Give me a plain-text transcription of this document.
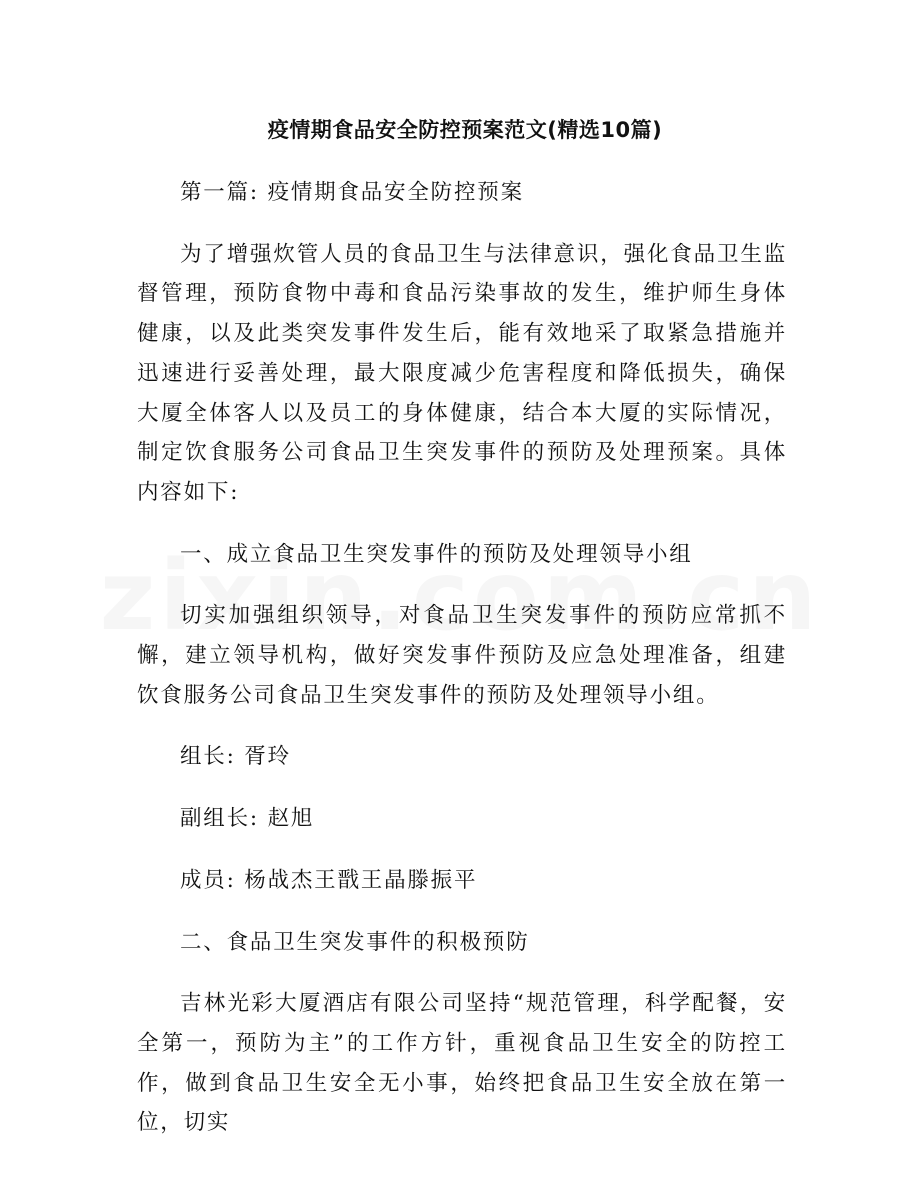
疫情期食品安全防控预案范文(精选10篇)

第一篇: 疫情期食品安全防控预案

为了增强炊管人员的食品卫生与法律意识，强化食品卫生监督管理，预防食物中毒和食品污染事故的发生，维护师生身体健康，以及此类突发事件发生后，能有效地采了取紧急措施并迅速进行妥善处理，最大限度减少危害程度和降低损失，确保大厦全体客人以及员工的身体健康，结合本大厦的实际情况，制定饮食服务公司食品卫生突发事件的预防及处理预案。具体内容如下:

一、成立食品卫生突发事件的预防及处理领导小组

切实加强组织领导，对食品卫生突发事件的预防应常抓不懈，建立领导机构，做好突发事件预防及应急处理准备，组建饮食服务公司食品卫生突发事件的预防及处理领导小组。

组长: 胥玲

副组长: 赵旭

成员: 杨战杰王戬王晶滕振平

二、食品卫生突发事件的积极预防

吉林光彩大厦酒店有限公司坚持“规范管理，科学配餐，安全第一，预防为主”的工作方针，重视食品卫生安全的防控工作，做到食品卫生安全无小事，始终把食品卫生安全放在第一位，切实
